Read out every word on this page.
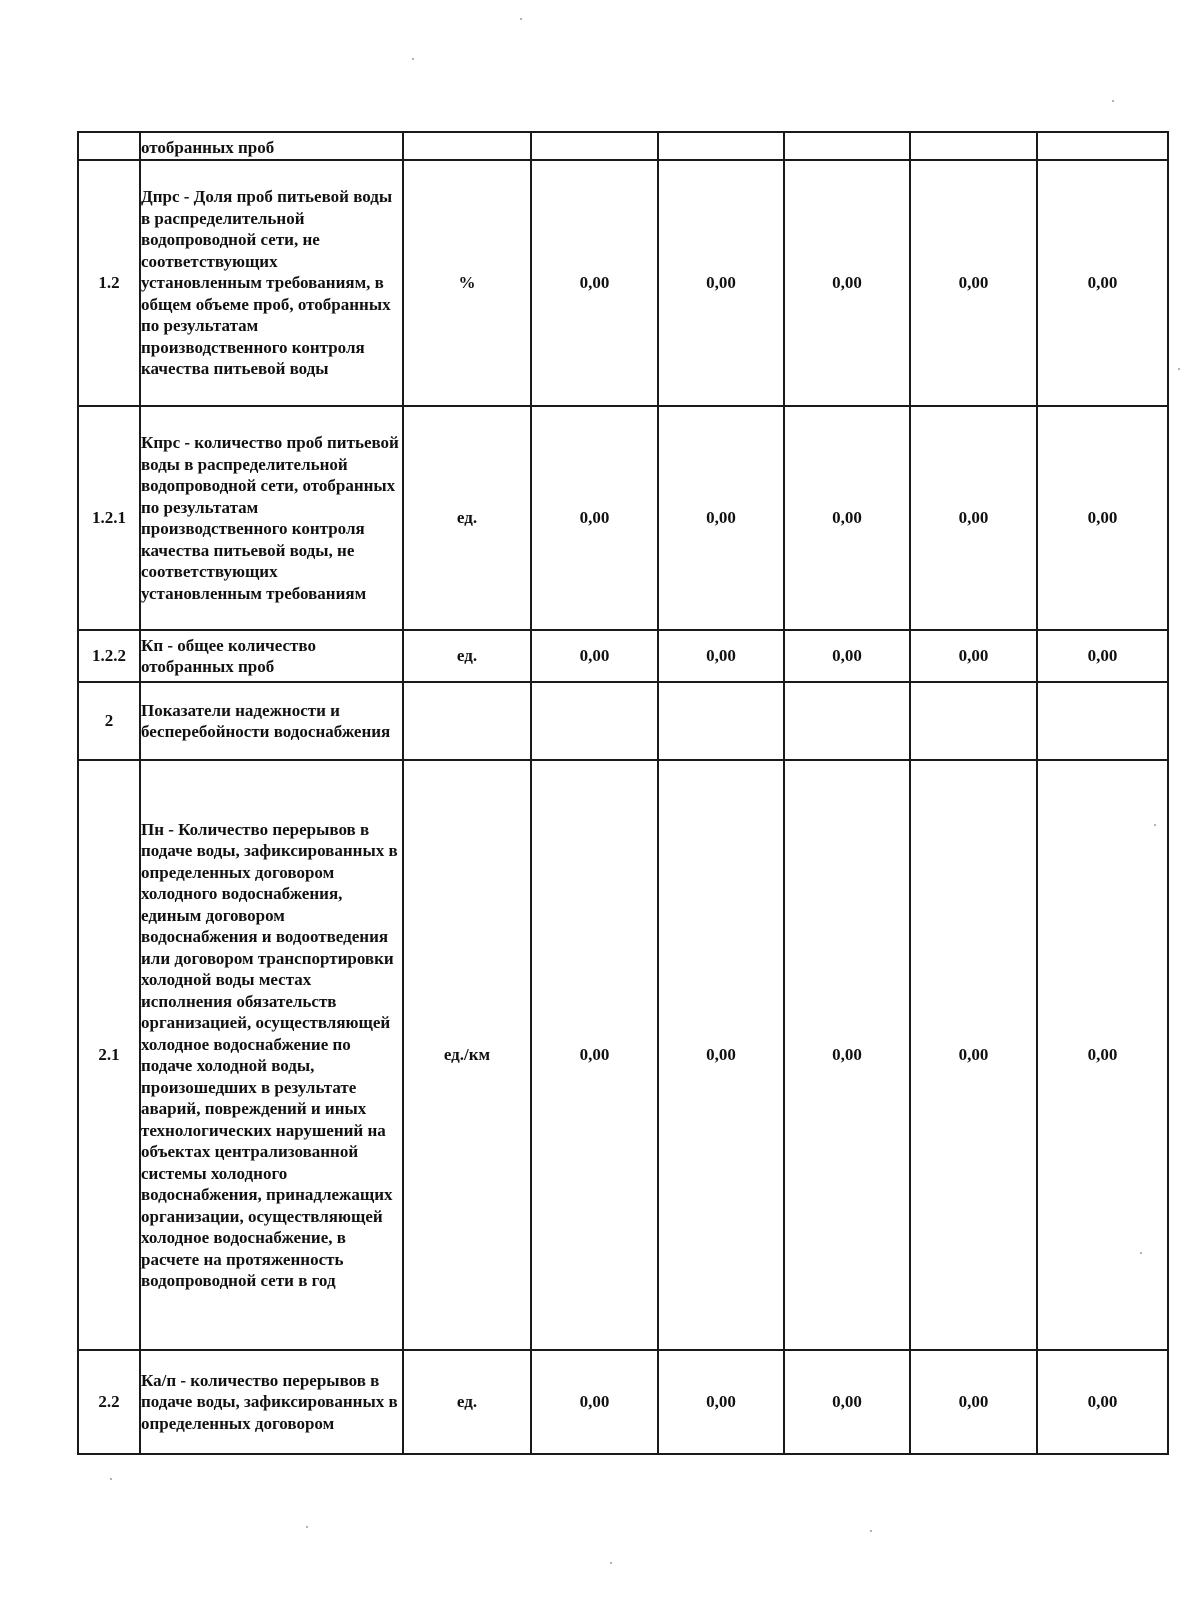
	отобранных проб						
1.2	Дпрс - Доля проб питьевой воды в распределительной водопроводной сети, не соответствующих установленным требованиям, в общем объеме проб, отобранных по результатам производственного контроля качества питьевой воды	%	0,00	0,00	0,00	0,00	0,00
1.2.1	Кпрс - количество проб питьевой воды в распределительной водопроводной сети, отобранных по результатам производственного контроля качества питьевой воды, не соответствующих установленным требованиям	ед.	0,00	0,00	0,00	0,00	0,00
1.2.2	Кп - общее количество отобранных проб	ед.	0,00	0,00	0,00	0,00	0,00
2	Показатели надежности и бесперебойности водоснабжения						
2.1	Пн - Количество перерывов в подаче воды, зафиксированных в определенных договором холодного водоснабжения, единым договором водоснабжения и водоотведения или договором транспортировки холодной воды местах исполнения обязательств организацией, осуществляющей холодное водоснабжение по подаче холодной воды, произошедших в результате аварий, повреждений и иных технологических нарушений на объектах централизованной системы холодного водоснабжения, принадлежащих организации, осуществляющей холодное водоснабжение, в расчете на протяженность водопроводной сети в год	ед./км	0,00	0,00	0,00	0,00	0,00
2.2	Ка/п - количество перерывов в подаче воды, зафиксированных в определенных договором	ед.	0,00	0,00	0,00	0,00	0,00
